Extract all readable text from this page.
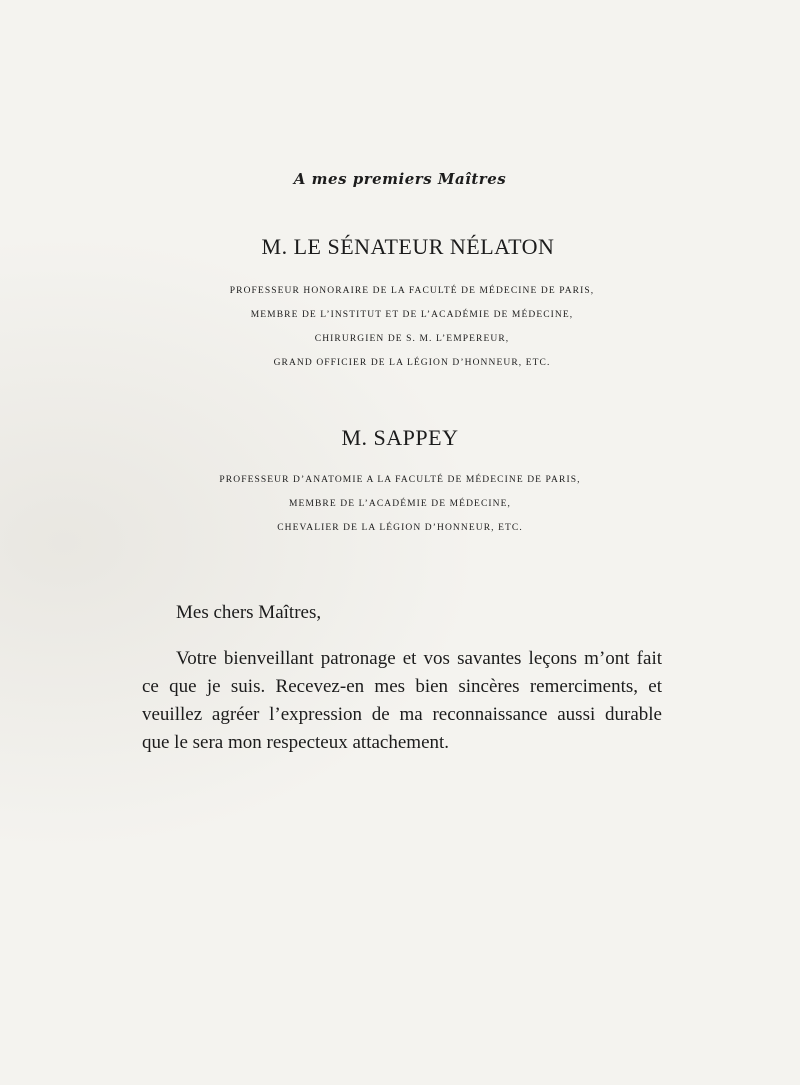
A mes premiers Maîtres
M. LE SÉNATEUR NÉLATON
PROFESSEUR HONORAIRE DE LA FACULTÉ DE MÉDECINE DE PARIS,
MEMBRE DE L’INSTITUT ET DE L’ACADÉMIE DE MÉDECINE,
CHIRURGIEN DE S. M. L’EMPEREUR,
GRAND OFFICIER DE LA LÉGION D’HONNEUR, ETC.
M. SAPPEY
PROFESSEUR D’ANATOMIE A LA FACULTÉ DE MÉDECINE DE PARIS,
MEMBRE DE L’ACADÉMIE DE MÉDECINE,
CHEVALIER DE LA LÉGION D’HONNEUR, ETC.
Mes chers Maîtres,
Votre bienveillant patronage et vos savantes leçons m’ont fait
ce que je suis. Recevez-en mes bien sincères remerciments, et
veuillez agréer l’expression de ma reconnaissance aussi durable
que le sera mon respecteux attachement.
